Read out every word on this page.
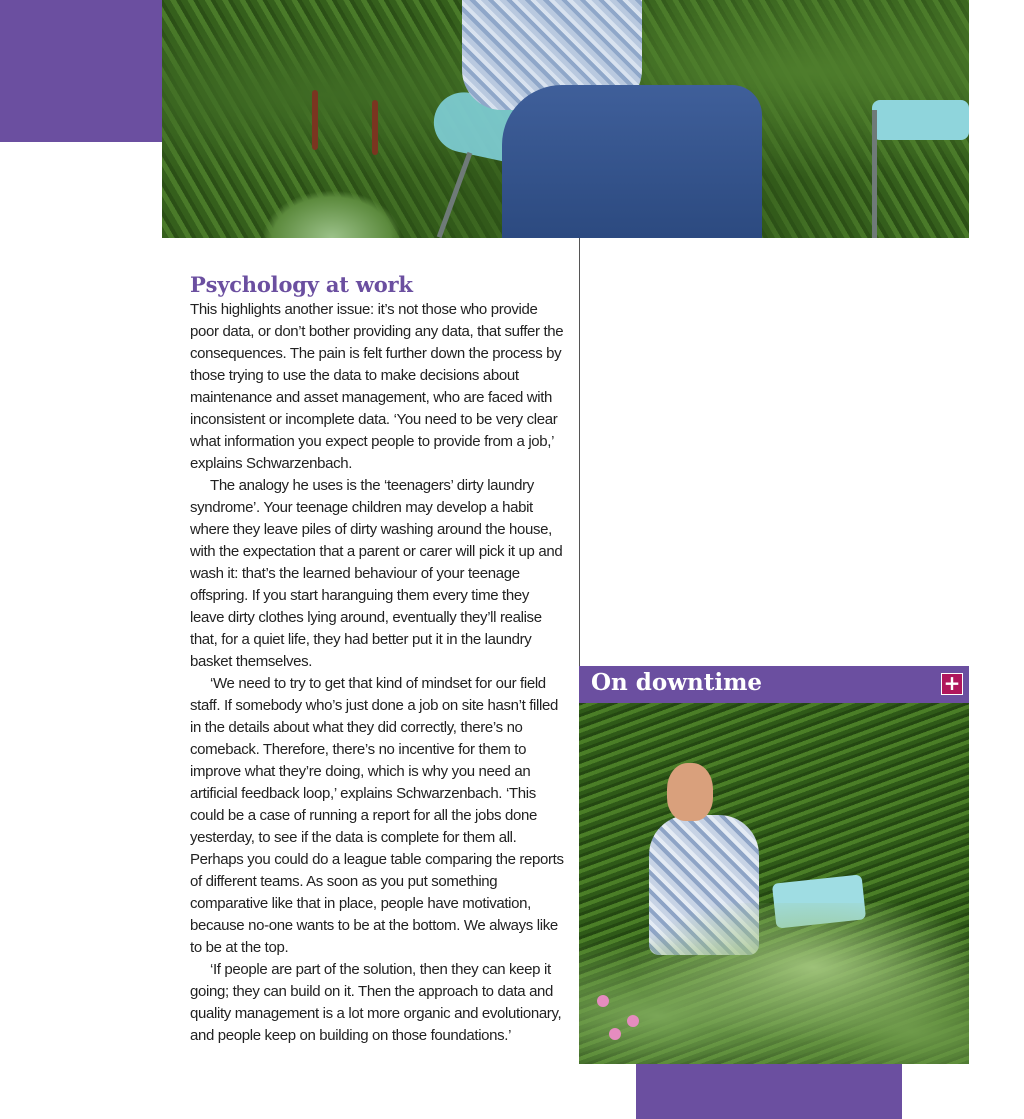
Psychology at work

This highlights another issue: it’s not those who provide poor data, or don’t bother providing any data, that suffer the consequences. The pain is felt further down the process by those trying to use the data to make decisions about maintenance and asset management, who are faced with inconsistent or incomplete data. ‘You need to be very clear what information you expect people to provide from a job,’ explains Schwarzenbach.

The analogy he uses is the ‘teenagers’ dirty laundry syndrome’. Your teenage children may develop a habit where they leave piles of dirty washing around the house, with the expectation that a parent or carer will pick it up and wash it: that’s the learned behaviour of your teenage offspring. If you start haranguing them every time they leave dirty clothes lying around, eventually they’ll realise that, for a quiet life, they had better put it in the laundry basket themselves.

‘We need to try to get that kind of mindset for our field staff. If somebody who’s just done a job on site hasn’t filled in the details about what they did correctly, there’s no comeback. Therefore, there’s no incentive for them to improve what they’re doing, which is why you need an artificial feedback loop,’ explains Schwarzenbach. ‘This could be a case of running a report for all the jobs done yesterday, to see if the data is complete for them all. Perhaps you could do a league table comparing the reports of different teams. As soon as you put something comparative like that in place, people have motivation, because no-one wants to be at the bottom. We always like to be at the top.

‘If people are part of the solution, then they can keep it going; they can build on it. Then the approach to data and quality management is a lot more organic and evolutionary, and people keep on building on those foundations.’

On downtime	+
